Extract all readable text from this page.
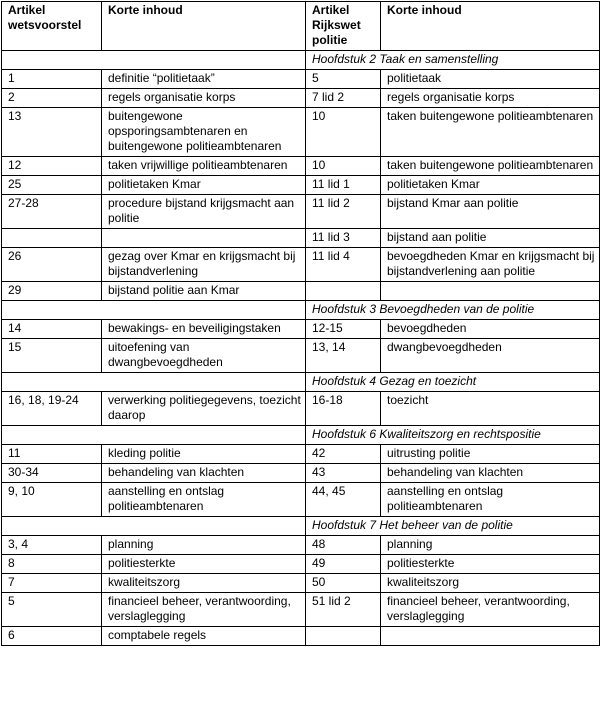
Artikel wetsvoorstel	Korte inhoud	Artikel Rijkswet politie	Korte inhoud
		Hoofdstuk 2 Taak en samenstelling	
1	definitie “politietaak”	5	politietaak
2	regels organisatie korps	7 lid 2	regels organisatie korps
13	buitengewone opsporingsambtenaren en buitengewone politieambtenaren	10	taken buitengewone politieambtenaren
12	taken vrijwillige politieambtenaren	10	taken buitengewone politieambtenaren
25	politietaken Kmar	11 lid 1	politietaken Kmar
27-28	procedure bijstand krijgsmacht aan politie	11 lid 2	bijstand Kmar aan politie
		11 lid 3	bijstand aan politie
26	gezag over Kmar en krijgsmacht bij bijstandverlening	11 lid 4	bevoegdheden Kmar en krijgsmacht bij bijstandverlening aan politie
29	bijstand politie aan Kmar		
		Hoofdstuk 3 Bevoegdheden van de politie	
14	bewakings- en beveiligingstaken	12-15	bevoegdheden
15	uitoefening van dwangbevoegdheden	13, 14	dwangbevoegdheden
		Hoofdstuk 4 Gezag en toezicht	
16, 18, 19-24	verwerking politiegegevens, toezicht daarop	16-18	toezicht
		Hoofdstuk 6 Kwaliteitszorg en rechtspositie	
11	kleding politie	42	uitrusting politie
30-34	behandeling van klachten	43	behandeling van klachten
9, 10	aanstelling en ontslag politieambtenaren	44, 45	aanstelling en ontslag politieambtenaren
		Hoofdstuk 7 Het beheer van de politie	
3, 4	planning	48	planning
8	politiesterkte	49	politiesterkte
7	kwaliteitszorg	50	kwaliteitszorg
5	financieel beheer, verantwoording, verslaglegging	51 lid 2	financieel beheer, verantwoording, verslaglegging
6	comptabele regels		
